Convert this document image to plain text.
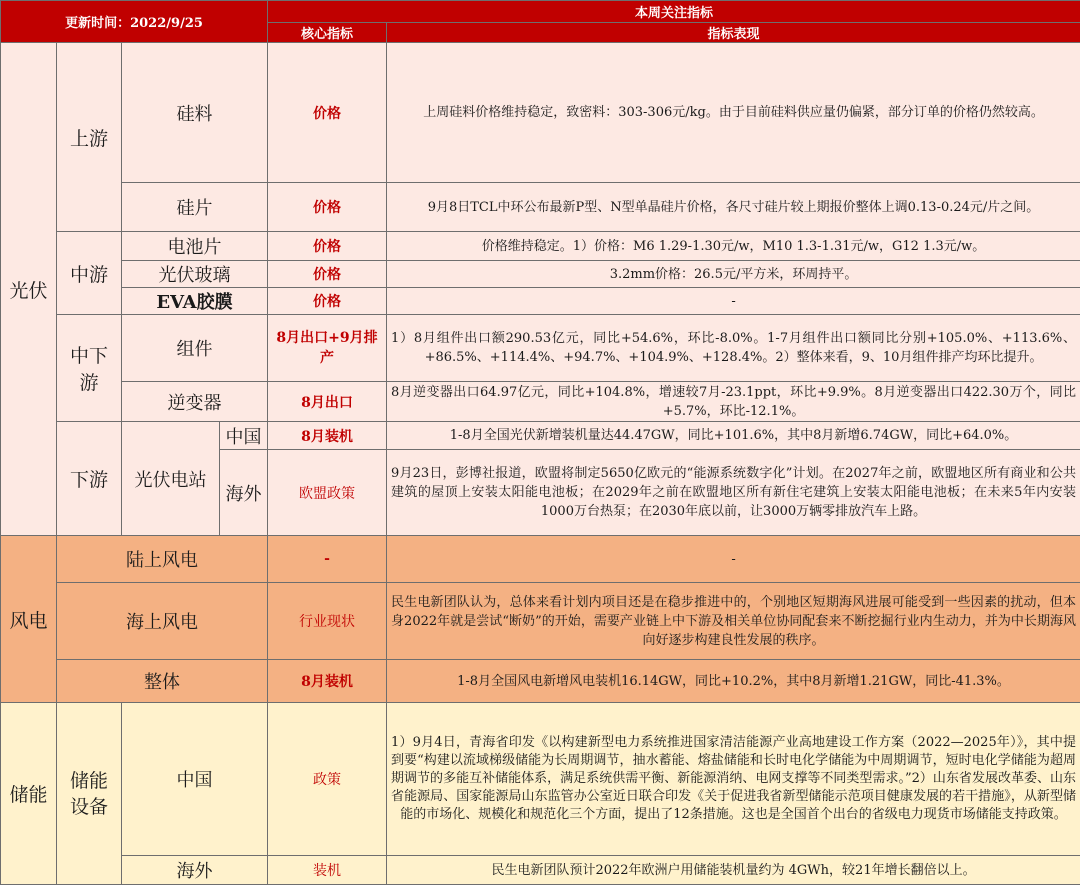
更新时间：2022/9/25				本周关注指标	
				核心指标	指标表现
光伏	上游	硅料		价格	上周硅料价格维持稳定，致密料：303-306元/kg。由于目前硅料供应量仍偏紧，部分订单的价格仍然较高。
		硅片		价格	9月8日TCL中环公布最新P型、N型单晶硅片价格，各尺寸硅片较上期报价整体上调0.13-0.24元/片之间。
	中游	电池片		价格	价格维持稳定。1）价格：M6 1.29-1.30元/w，M10 1.3-1.31元/w，G12 1.3元/w。
		光伏玻璃		价格	3.2mm价格：26.5元/平方米，环周持平。
		EVA胶膜		价格	-
	中下游	组件		8月出口+9月排产	1）8月组件出口额290.53亿元，同比+54.6%，环比-8.0%。1-7月组件出口额同比分别+105.0%、+113.6%、+86.5%、+114.4%、+94.7%、+104.9%、+128.4%。2）整体来看，9、10月组件排产均环比提升。
		逆变器		8月出口	8月逆变器出口64.97亿元，同比+104.8%，增速较7月-23.1ppt，环比+9.9%。8月逆变器出口422.30万个，同比+5.7%，环比-12.1%。
	下游	光伏电站	中国	8月装机	1-8月全国光伏新增装机量达44.47GW，同比+101.6%，其中8月新增6.74GW，同比+64.0%。
			海外	欧盟政策	9月23日，彭博社报道，欧盟将制定5650亿欧元的“能源系统数字化”计划。在2027年之前，欧盟地区所有商业和公共建筑的屋顶上安装太阳能电池板；在2029年之前在欧盟地区所有新住宅建筑上安装太阳能电池板；在未来5年内安装1000万台热泵；在2030年底以前，让3000万辆零排放汽车上路。
风电	陆上风电			-	-
	海上风电			行业现状	民生电新团队认为，总体来看计划内项目还是在稳步推进中的，个别地区短期海风进展可能受到一些因素的扰动，但本身2022年就是尝试“断奶”的开始，需要产业链上中下游及相关单位协同配套来不断挖掘行业内生动力，并为中长期海风向好逐步构建良性发展的秩序。
	整体			8月装机	1-8月全国风电新增风电装机16.14GW，同比+10.2%，其中8月新增1.21GW，同比-41.3%。
储能	储能设备	中国		政策	1）9月4日，青海省印发《以构建新型电力系统推进国家清洁能源产业高地建设工作方案（2022—2025年）》，其中提到要“构建以流域梯级储能为长周期调节，抽水蓄能、熔盐储能和长时电化学储能为中周期调节，短时电化学储能为超周期调节的多能互补储能体系，满足系统供需平衡、新能源消纳、电网支撑等不同类型需求。”2）山东省发展改革委、山东省能源局、国家能源局山东监管办公室近日联合印发《关于促进我省新型储能示范项目健康发展的若干措施》，从新型储能的市场化、规模化和规范化三个方面，提出了12条措施。这也是全国首个出台的省级电力现货市场储能支持政策。
		海外		装机	民生电新团队预计2022年欧洲户用储能装机量约为 4GWh，较21年增长翻倍以上。
